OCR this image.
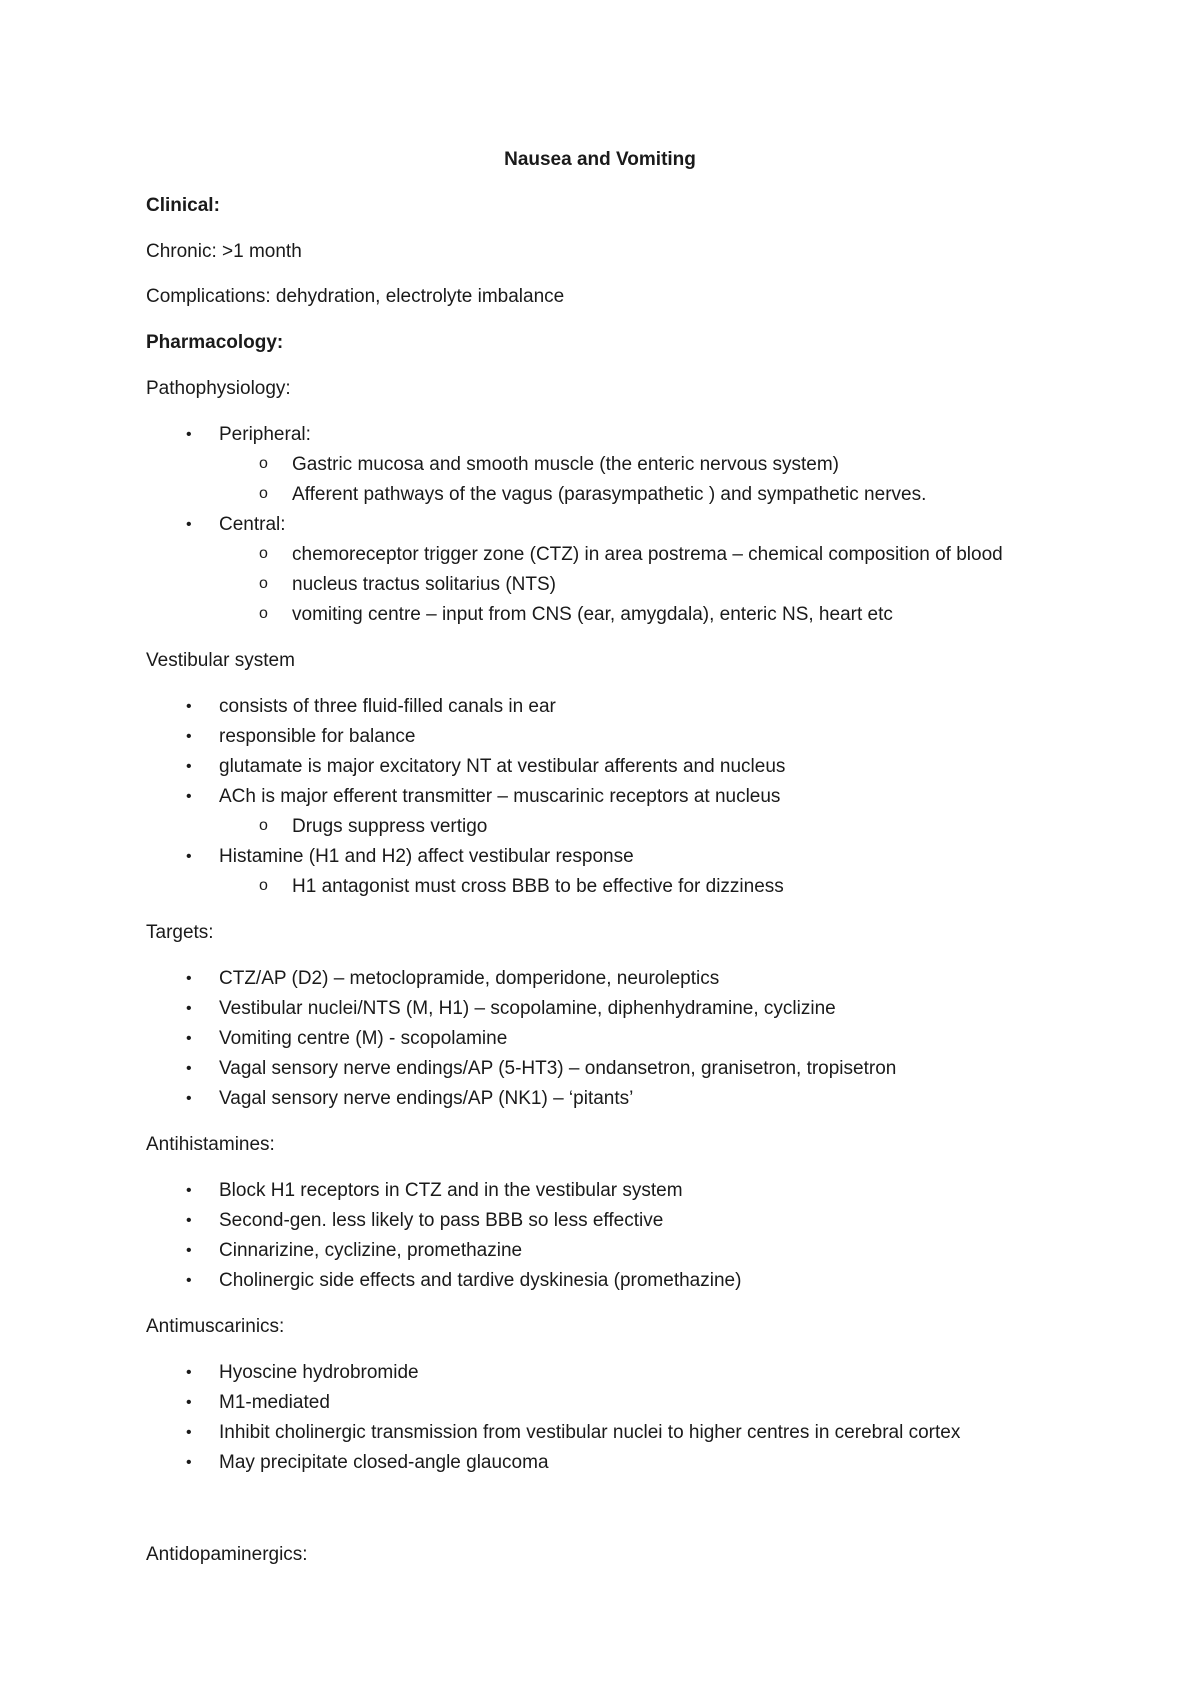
Nausea and Vomiting
Clinical:
Chronic: >1 month
Complications: dehydration, electrolyte imbalance
Pharmacology:
Pathophysiology:
• Peripheral:
o Gastric mucosa and smooth muscle (the enteric nervous system)
o Afferent pathways of the vagus (parasympathetic ) and sympathetic nerves.
• Central:
o chemoreceptor trigger zone (CTZ) in area postrema – chemical composition of blood
o nucleus tractus solitarius (NTS)
o vomiting centre – input from CNS (ear, amygdala), enteric NS, heart etc
Vestibular system
• consists of three fluid-filled canals in ear
• responsible for balance
• glutamate is major excitatory NT at vestibular afferents and nucleus
• ACh is major efferent transmitter – muscarinic receptors at nucleus
o Drugs suppress vertigo
• Histamine (H1 and H2) affect vestibular response
o H1 antagonist must cross BBB to be effective for dizziness
Targets:
• CTZ/AP (D2) – metoclopramide, domperidone, neuroleptics
• Vestibular nuclei/NTS (M, H1) – scopolamine, diphenhydramine, cyclizine
• Vomiting centre (M) - scopolamine
• Vagal sensory nerve endings/AP (5-HT3) – ondansetron, granisetron, tropisetron
• Vagal sensory nerve endings/AP (NK1) – ‘pitants’
Antihistamines:
• Block H1 receptors in CTZ and in the vestibular system
• Second-gen. less likely to pass BBB so less effective
• Cinnarizine, cyclizine, promethazine
• Cholinergic side effects and tardive dyskinesia (promethazine)
Antimuscarinics:
• Hyoscine hydrobromide
• M1-mediated
• Inhibit cholinergic transmission from vestibular nuclei to higher centres in cerebral cortex
• May precipitate closed-angle glaucoma
Antidopaminergics:
